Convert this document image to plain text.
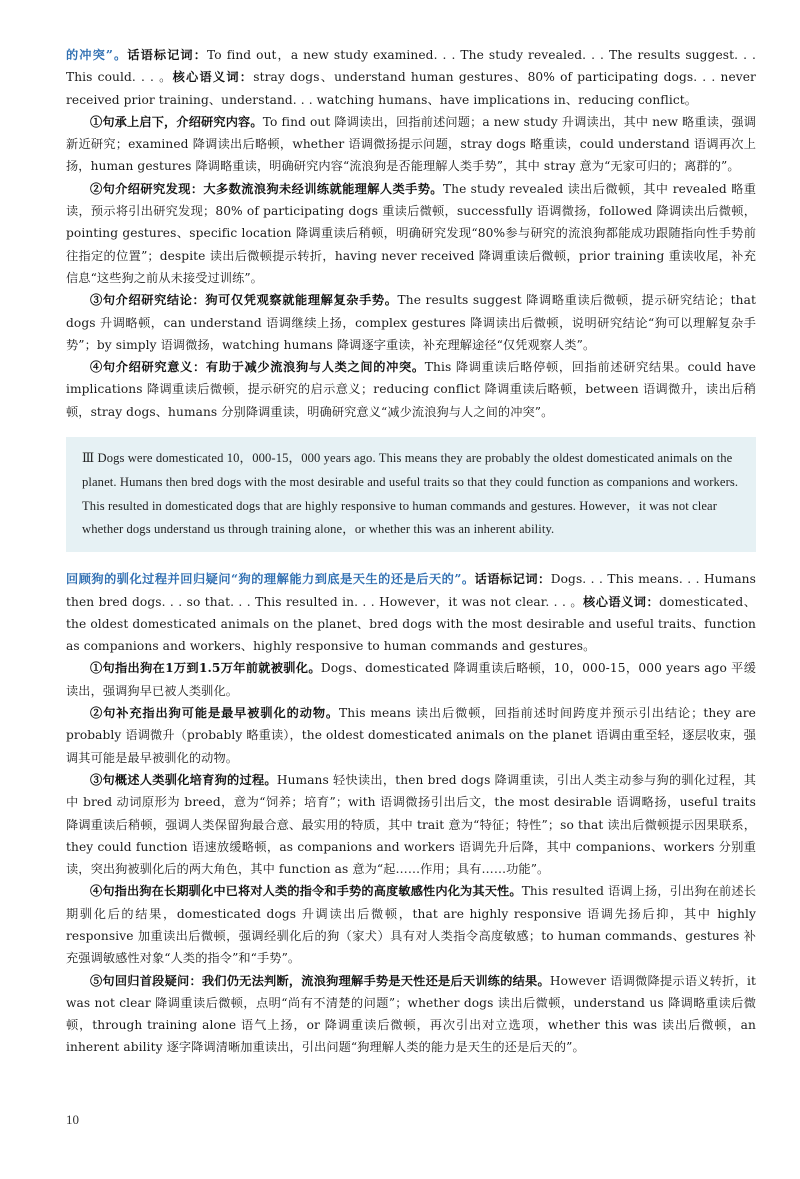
的冲突”。话语标记词：To find out，a new study examined. . . The study revealed. . . The results suggest. . . This could. . . 。核心语义词：stray dogs、understand human gestures、80% of participating dogs. . . never received prior training、understand. . . watching humans、have implications in、reducing conflict。

①句承上启下，介绍研究内容。To find out 降调读出，回指前述问题；a new study 升调读出，其中 new 略重读，强调新近研究；examined 降调读出后略顿，whether 语调微扬提示问题，stray dogs 略重读，could understand 语调再次上扬，human gestures 降调略重读，明确研究内容“流浪狗是否能理解人类手势”，其中 stray 意为“无家可归的；离群的”。

②句介绍研究发现：大多数流浪狗未经训练就能理解人类手势。The study revealed 读出后微顿，其中 revealed 略重读，预示将引出研究发现；80% of participating dogs 重读后微顿，successfully 语调微扬，followed 降调读出后微顿，pointing gestures、specific location 降调重读后稍顿，明确研究发现“80%参与研究的流浪狗都能成功跟随指向性手势前往指定的位置”；despite 读出后微顿提示转折，having never received 降调重读后微顿，prior training 重读收尾，补充信息“这些狗之前从未接受过训练”。

③句介绍研究结论：狗可仅凭观察就能理解复杂手势。The results suggest 降调略重读后微顿，提示研究结论；that dogs 升调略顿，can understand 语调继续上扬，complex gestures 降调读出后微顿，说明研究结论“狗可以理解复杂手势”；by simply 语调微扬，watching humans 降调逐字重读，补充理解途径“仅凭观察人类”。

④句介绍研究意义：有助于减少流浪狗与人类之间的冲突。This 降调重读后略停顿，回指前述研究结果。could have implications 降调重读后微顿，提示研究的启示意义；reducing conflict 降调重读后略顿，between 语调微升，读出后稍顿，stray dogs、humans 分别降调重读，明确研究意义“减少流浪狗与人之间的冲突”。

Ⅲ Dogs were domesticated 10，000-15，000 years ago. This means they are probably the oldest domesticated animals on the planet. Humans then bred dogs with the most desirable and useful traits so that they could function as companions and workers. This resulted in domesticated dogs that are highly responsive to human commands and gestures. However，it was not clear whether dogs understand us through training alone，or whether this was an inherent ability.

回顾狗的驯化过程并回归疑问“狗的理解能力到底是天生的还是后天的”。话语标记词：Dogs. . . This means. . . Humans then bred dogs. . . so that. . . This resulted in. . . However，it was not clear. . . 。核心语义词：domesticated、the oldest domesticated animals on the planet、bred dogs with the most desirable and useful traits、function as companions and workers、highly responsive to human commands and gestures。

①句指出狗在1万到1.5万年前就被驯化。Dogs、domesticated 降调重读后略顿，10，000-15，000 years ago 平缓读出，强调狗早已被人类驯化。

②句补充指出狗可能是最早被驯化的动物。This means 读出后微顿，回指前述时间跨度并预示引出结论；they are probably 语调微升（probably 略重读），the oldest domesticated animals on the planet 语调由重至轻，逐层收束，强调其可能是最早被驯化的动物。

③句概述人类驯化培育狗的过程。Humans 轻快读出，then bred dogs 降调重读，引出人类主动参与狗的驯化过程，其中 bred 动词原形为 breed，意为“饲养；培育”；with 语调微扬引出后文，the most desirable 语调略扬，useful traits 降调重读后稍顿，强调人类保留狗最合意、最实用的特质，其中 trait 意为“特征；特性”；so that 读出后微顿提示因果联系，they could function 语速放缓略顿，as companions and workers 语调先升后降，其中 companions、workers 分别重读，突出狗被驯化后的两大角色，其中 function as 意为“起……作用；具有……功能”。

④句指出狗在长期驯化中已将对人类的指令和手势的高度敏感性内化为其天性。This resulted 语调上扬，引出狗在前述长期驯化后的结果，domesticated dogs 升调读出后微顿，that are highly responsive 语调先扬后抑，其中 highly responsive 加重读出后微顿，强调经驯化后的狗（家犬）具有对人类指令高度敏感；to human commands、gestures 补充强调敏感性对象“人类的指令”和“手势”。

⑤句回归首段疑问：我们仍无法判断，流浪狗理解手势是天性还是后天训练的结果。However 语调微降提示语义转折，it was not clear 降调重读后微顿，点明“尚有不清楚的问题”；whether dogs 读出后微顿，understand us 降调略重读后微顿，through training alone 语气上扬，or 降调重读后微顿，再次引出对立选项，whether this was 读出后微顿，an inherent ability 逐字降调清晰加重读出，引出问题“狗理解人类的能力是天生的还是后天的”。

10
